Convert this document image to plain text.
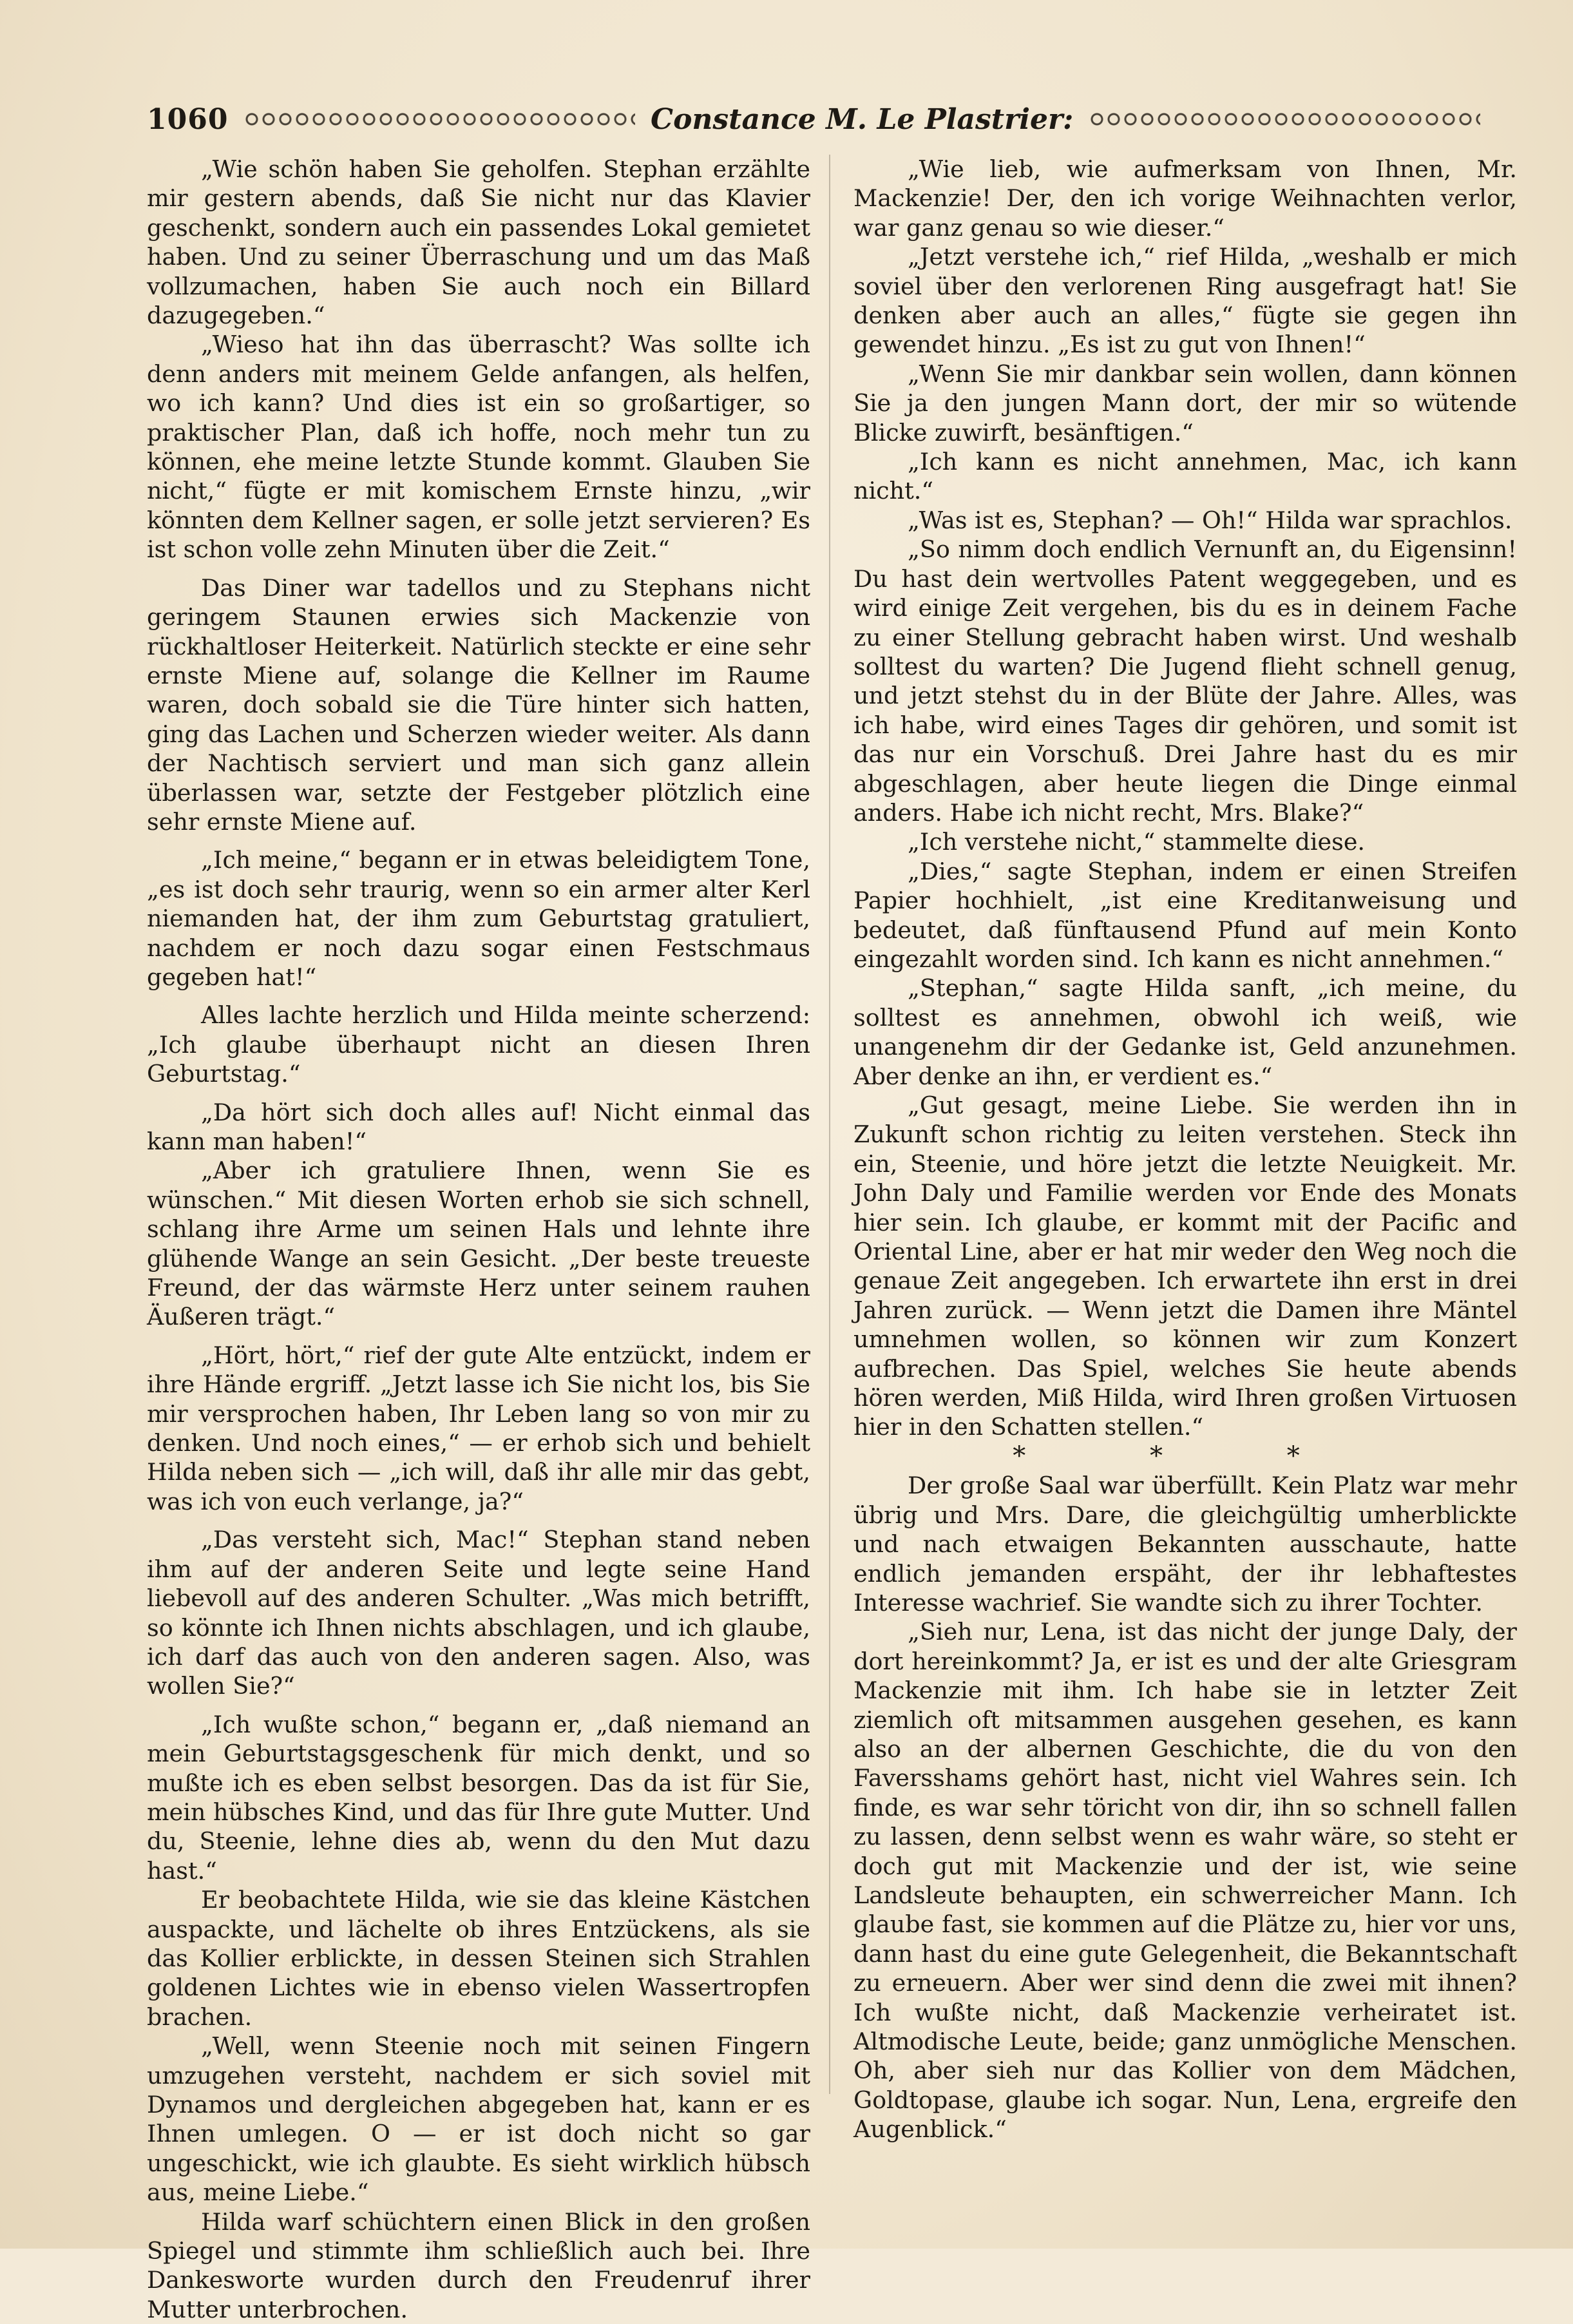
1060	Constance M. Le Plastrier:

„Wie schön haben Sie geholfen. Stephan erzählte mir gestern abends, daß Sie nicht nur das Klavier geschenkt, sondern auch ein passendes Lokal gemietet haben. Und zu seiner Überraschung und um das Maß vollzumachen, haben Sie auch noch ein Billard dazugegeben.“

„Wieso hat ihn das überrascht? Was sollte ich denn anders mit meinem Gelde anfangen, als helfen, wo ich kann? Und dies ist ein so großartiger, so praktischer Plan, daß ich hoffe, noch mehr tun zu können, ehe meine letzte Stunde kommt. Glauben Sie nicht,“ fügte er mit komischem Ernste hinzu, „wir könnten dem Kellner sagen, er solle jetzt servieren? Es ist schon volle zehn Minuten über die Zeit.“

Das Diner war tadellos und zu Stephans nicht geringem Staunen erwies sich Mackenzie von rückhaltloser Heiterkeit. Natürlich steckte er eine sehr ernste Miene auf, solange die Kellner im Raume waren, doch sobald sie die Türe hinter sich hatten, ging das Lachen und Scherzen wieder weiter. Als dann der Nachtisch serviert und man sich ganz allein überlassen war, setzte der Festgeber plötzlich eine sehr ernste Miene auf.

„Ich meine,“ begann er in etwas beleidigtem Tone, „es ist doch sehr traurig, wenn so ein armer alter Kerl niemanden hat, der ihm zum Geburtstag gratuliert, nachdem er noch dazu sogar einen Festschmaus gegeben hat!“

Alles lachte herzlich und Hilda meinte scherzend: „Ich glaube überhaupt nicht an diesen Ihren Geburtstag.“

„Da hört sich doch alles auf! Nicht einmal das kann man haben!“

„Aber ich gratuliere Ihnen, wenn Sie es wünschen.“ Mit diesen Worten erhob sie sich schnell, schlang ihre Arme um seinen Hals und lehnte ihre glühende Wange an sein Gesicht. „Der beste treueste Freund, der das wärmste Herz unter seinem rauhen Äußeren trägt.“

„Hört, hört,“ rief der gute Alte entzückt, indem er ihre Hände ergriff. „Jetzt lasse ich Sie nicht los, bis Sie mir versprochen haben, Ihr Leben lang so von mir zu denken. Und noch eines,“ — er erhob sich und behielt Hilda neben sich — „ich will, daß ihr alle mir das gebt, was ich von euch verlange, ja?“

„Das versteht sich, Mac!“ Stephan stand neben ihm auf der anderen Seite und legte seine Hand liebevoll auf des anderen Schulter. „Was mich betrifft, so könnte ich Ihnen nichts abschlagen, und ich glaube, ich darf das auch von den anderen sagen. Also, was wollen Sie?“

„Ich wußte schon,“ begann er, „daß niemand an mein Geburtstagsgeschenk für mich denkt, und so mußte ich es eben selbst besorgen. Das da ist für Sie, mein hübsches Kind, und das für Ihre gute Mutter. Und du, Steenie, lehne dies ab, wenn du den Mut dazu hast.“

Er beobachtete Hilda, wie sie das kleine Kästchen auspackte, und lächelte ob ihres Entzückens, als sie das Kollier erblickte, in dessen Steinen sich Strahlen goldenen Lichtes wie in ebenso vielen Wassertropfen brachen.

„Well, wenn Steenie noch mit seinen Fingern umzugehen versteht, nachdem er sich soviel mit Dynamos und dergleichen abgegeben hat, kann er es Ihnen umlegen. O — er ist doch nicht so gar ungeschickt, wie ich glaubte. Es sieht wirklich hübsch aus, meine Liebe.“

Hilda warf schüchtern einen Blick in den großen Spiegel und stimmte ihm schließlich auch bei. Ihre Dankesworte wurden durch den Freudenruf ihrer Mutter unterbrochen.

„Wie lieb, wie aufmerksam von Ihnen, Mr. Mackenzie! Der, den ich vorige Weihnachten verlor, war ganz genau so wie dieser.“

„Jetzt verstehe ich,“ rief Hilda, „weshalb er mich soviel über den verlorenen Ring ausgefragt hat! Sie denken aber auch an alles,“ fügte sie gegen ihn gewendet hinzu. „Es ist zu gut von Ihnen!“

„Wenn Sie mir dankbar sein wollen, dann können Sie ja den jungen Mann dort, der mir so wütende Blicke zuwirft, besänftigen.“

„Ich kann es nicht annehmen, Mac, ich kann nicht.“

„Was ist es, Stephan? — Oh!“ Hilda war sprachlos.

„So nimm doch endlich Vernunft an, du Eigensinn! Du hast dein wertvolles Patent weggegeben, und es wird einige Zeit vergehen, bis du es in deinem Fache zu einer Stellung gebracht haben wirst. Und weshalb solltest du warten? Die Jugend flieht schnell genug, und jetzt stehst du in der Blüte der Jahre. Alles, was ich habe, wird eines Tages dir gehören, und somit ist das nur ein Vorschuß. Drei Jahre hast du es mir abgeschlagen, aber heute liegen die Dinge einmal anders. Habe ich nicht recht, Mrs. Blake?“

„Ich verstehe nicht,“ stammelte diese.

„Dies,“ sagte Stephan, indem er einen Streifen Papier hochhielt, „ist eine Kreditanweisung und bedeutet, daß fünftausend Pfund auf mein Konto eingezahlt worden sind. Ich kann es nicht annehmen.“

„Stephan,“ sagte Hilda sanft, „ich meine, du solltest es annehmen, obwohl ich weiß, wie unangenehm dir der Gedanke ist, Geld anzunehmen. Aber denke an ihn, er verdient es.“

„Gut gesagt, meine Liebe. Sie werden ihn in Zukunft schon richtig zu leiten verstehen. Steck ihn ein, Steenie, und höre jetzt die letzte Neuigkeit. Mr. John Daly und Familie werden vor Ende des Monats hier sein. Ich glaube, er kommt mit der Pacific and Oriental Line, aber er hat mir weder den Weg noch die genaue Zeit angegeben. Ich erwartete ihn erst in drei Jahren zurück. — Wenn jetzt die Damen ihre Mäntel umnehmen wollen, so können wir zum Konzert aufbrechen. Das Spiel, welches Sie heute abends hören werden, Miß Hilda, wird Ihren großen Virtuosen hier in den Schatten stellen.“

* * *

Der große Saal war überfüllt. Kein Platz war mehr übrig und Mrs. Dare, die gleichgültig umherblickte und nach etwaigen Bekannten ausschaute, hatte endlich jemanden erspäht, der ihr lebhaftestes Interesse wachrief. Sie wandte sich zu ihrer Tochter.

„Sieh nur, Lena, ist das nicht der junge Daly, der dort hereinkommt? Ja, er ist es und der alte Griesgram Mackenzie mit ihm. Ich habe sie in letzter Zeit ziemlich oft mitsammen ausgehen gesehen, es kann also an der albernen Geschichte, die du von den Faversshams gehört hast, nicht viel Wahres sein. Ich finde, es war sehr töricht von dir, ihn so schnell fallen zu lassen, denn selbst wenn es wahr wäre, so steht er doch gut mit Mackenzie und der ist, wie seine Landsleute behaupten, ein schwerreicher Mann. Ich glaube fast, sie kommen auf die Plätze zu, hier vor uns, dann hast du eine gute Gelegenheit, die Bekanntschaft zu erneuern. Aber wer sind denn die zwei mit ihnen? Ich wußte nicht, daß Mackenzie verheiratet ist. Altmodische Leute, beide; ganz unmögliche Menschen. Oh, aber sieh nur das Kollier von dem Mädchen, Goldtopase, glaube ich sogar. Nun, Lena, ergreife den Augenblick.“
